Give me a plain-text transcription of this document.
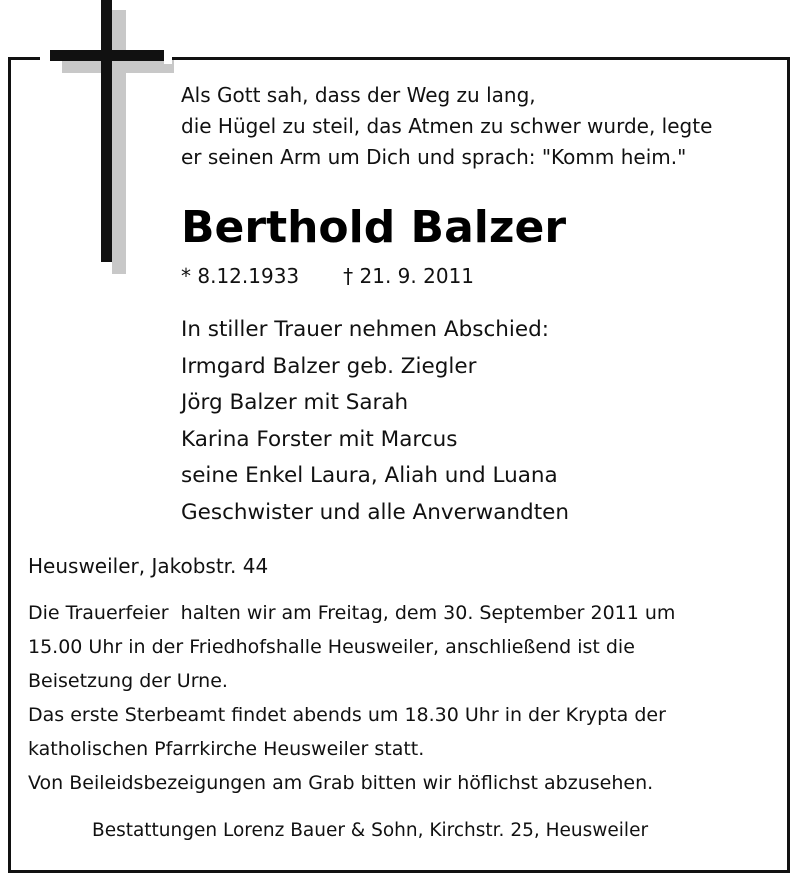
Als Gott sah, dass der Weg zu lang,
die Hügel zu steil, das Atmen zu schwer wurde, legte
er seinen Arm um Dich und sprach: "Komm heim."
Berthold Balzer
* 8.12.1933 † 21. 9. 2011
In stiller Trauer nehmen Abschied:
Irmgard Balzer geb. Ziegler
Jörg Balzer mit Sarah
Karina Forster mit Marcus
seine Enkel Laura, Aliah und Luana
Geschwister und alle Anverwandten
Heusweiler, Jakobstr. 44
Die Trauerfeier  halten wir am Freitag, dem 30. September 2011 um
15.00 Uhr in der Friedhofshalle Heusweiler, anschließend ist die
Beisetzung der Urne.
Das erste Sterbeamt findet abends um 18.30 Uhr in der Krypta der
katholischen Pfarrkirche Heusweiler statt.
Von Beileidsbezeigungen am Grab bitten wir höflichst abzusehen.
Bestattungen Lorenz Bauer & Sohn, Kirchstr. 25, Heusweiler
